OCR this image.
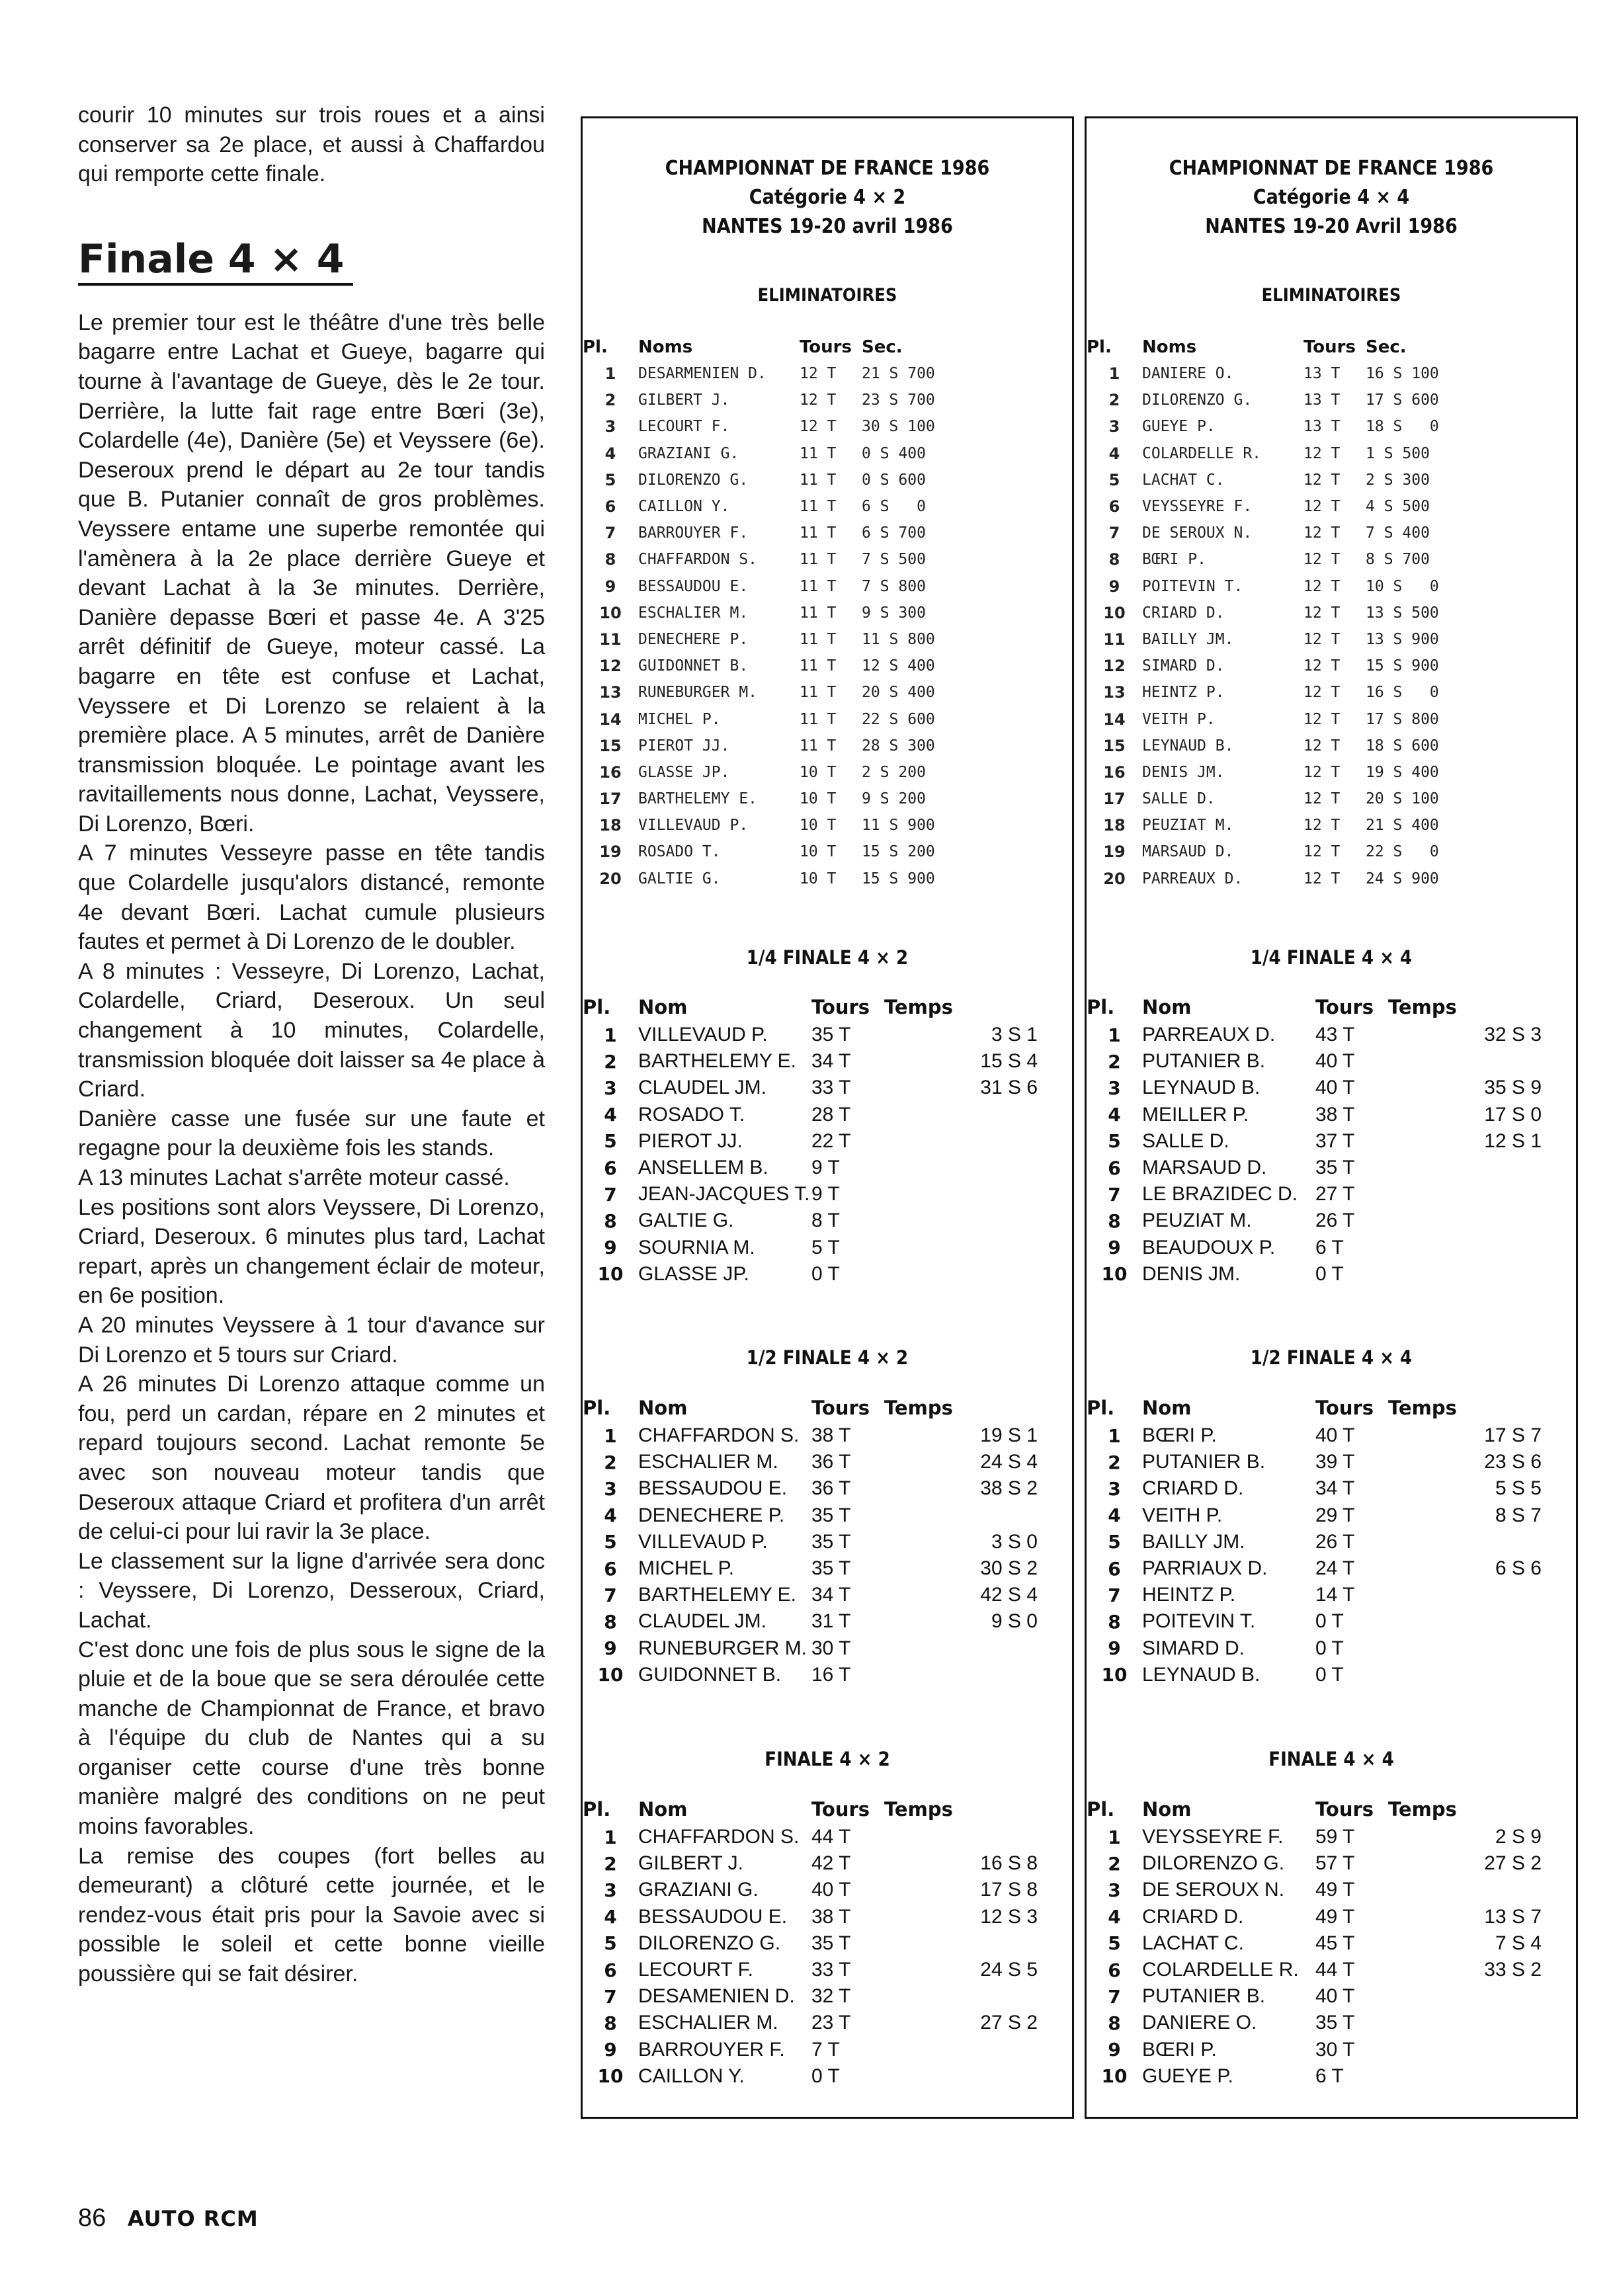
courir 10 minutes sur trois roues et a ainsi conserver sa 2e place, et aussi à Chaffardou qui remporte cette finale.

Finale 4 × 4

Le premier tour est le théâtre d'une très belle bagarre entre Lachat et Gueye, bagarre qui tourne à l'avantage de Gueye, dès le 2e tour. Derrière, la lutte fait rage entre Bœri (3e), Colardelle (4e), Danière (5e) et Veyssere (6e). Deseroux prend le départ au 2e tour tandis que B. Putanier connaît de gros problèmes. Veyssere entame une superbe remontée qui l'amènera à la 2e place derrière Gueye et devant Lachat à la 3e minutes. Derrière, Danière depasse Bœri et passe 4e. A 3'25 arrêt définitif de Gueye, moteur cassé. La bagarre en tête est confuse et Lachat, Veyssere et Di Lorenzo se relaient à la première place. A 5 minutes, arrêt de Danière transmission bloquée. Le pointage avant les ravitaillements nous donne, Lachat, Veyssere, Di Lorenzo, Bœri.

A 7 minutes Vesseyre passe en tête tandis que Colardelle jusqu'alors distancé, remonte 4e devant Bœri. Lachat cumule plusieurs fautes et permet à Di Lorenzo de le doubler.

A 8 minutes : Vesseyre, Di Lorenzo, Lachat, Colardelle, Criard, Deseroux. Un seul changement à 10 minutes, Colardelle, transmission bloquée doit laisser sa 4e place à Criard.

Danière casse une fusée sur une faute et regagne pour la deuxième fois les stands.

A 13 minutes Lachat s'arrête moteur cassé.

Les positions sont alors Veyssere, Di Lorenzo, Criard, Deseroux. 6 minutes plus tard, Lachat repart, après un changement éclair de moteur, en 6e position.

A 20 minutes Veyssere à 1 tour d'avance sur Di Lorenzo et 5 tours sur Criard.

A 26 minutes Di Lorenzo attaque comme un fou, perd un cardan, répare en 2 minutes et repard toujours second. Lachat remonte 5e avec son nouveau moteur tandis que Deseroux attaque Criard et profitera d'un arrêt de celui-ci pour lui ravir la 3e place.

Le classement sur la ligne d'arrivée sera donc : Veyssere, Di Lorenzo, Desseroux, Criard, Lachat.

C'est donc une fois de plus sous le signe de la pluie et de la boue que se sera déroulée cette manche de Championnat de France, et bravo à l'équipe du club de Nantes qui a su organiser cette course d'une très bonne manière malgré des conditions on ne peut moins favorables.

La remise des coupes (fort belles au demeurant) a clôturé cette journée, et le rendez-vous était pris pour la Savoie avec si possible le soleil et cette bonne vieille poussière qui se fait désirer.

86 AUTO RCM
CHAMPIONNAT DE FRANCE 1986
Catégorie 4 × 2
NANTES 19-20 avril 1986
ELIMINATOIRES
Pl.	Noms	Tours	Sec.
1	DESARMENIEN D.	12 T	21 S 700
2	GILBERT J.	12 T	23 S 700
3	LECOURT F.	12 T	30 S 100
4	GRAZIANI G.	11 T	0 S 400
5	DILORENZO G.	11 T	0 S 600
6	CAILLON Y.	11 T	6 S   0
7	BARROUYER F.	11 T	6 S 700
8	CHAFFARDON S.	11 T	7 S 500
9	BESSAUDOU E.	11 T	7 S 800
10	ESCHALIER M.	11 T	9 S 300
11	DENECHERE P.	11 T	11 S 800
12	GUIDONNET B.	11 T	12 S 400
13	RUNEBURGER M.	11 T	20 S 400
14	MICHEL P.	11 T	22 S 600
15	PIEROT JJ.	11 T	28 S 300
16	GLASSE JP.	10 T	2 S 200
17	BARTHELEMY E.	10 T	9 S 200
18	VILLEVAUD P.	10 T	11 S 900
19	ROSADO T.	10 T	15 S 200
20	GALTIE G.	10 T	15 S 900
1/4 FINALE 4 × 2
Pl.	Nom	Tours	Temps
1	VILLEVAUD P.	35 T	3 S 1
2	BARTHELEMY E.	34 T	15 S 4
3	CLAUDEL JM.	33 T	31 S 6
4	ROSADO T.	28 T	
5	PIEROT JJ.	22 T	
6	ANSELLEM B.	9 T	
7	JEAN-JACQUES T.	9 T	
8	GALTIE G.	8 T	
9	SOURNIA M.	5 T	
10	GLASSE JP.	0 T	
1/2 FINALE 4 × 2
Pl.	Nom	Tours	Temps
1	CHAFFARDON S.	38 T	19 S 1
2	ESCHALIER M.	36 T	24 S 4
3	BESSAUDOU E.	36 T	38 S 2
4	DENECHERE P.	35 T	
5	VILLEVAUD P.	35 T	3 S 0
6	MICHEL P.	35 T	30 S 2
7	BARTHELEMY E.	34 T	42 S 4
8	CLAUDEL JM.	31 T	9 S 0
9	RUNEBURGER M.	30 T	
10	GUIDONNET B.	16 T	
FINALE 4 × 2
Pl.	Nom	Tours	Temps
1	CHAFFARDON S.	44 T	
2	GILBERT J.	42 T	16 S 8
3	GRAZIANI G.	40 T	17 S 8
4	BESSAUDOU E.	38 T	12 S 3
5	DILORENZO G.	35 T	
6	LECOURT F.	33 T	24 S 5
7	DESAMENIEN D.	32 T	
8	ESCHALIER M.	23 T	27 S 2
9	BARROUYER F.	7 T	
10	CAILLON Y.	0 T	
CHAMPIONNAT DE FRANCE 1986
Catégorie 4 × 4
NANTES 19-20 Avril 1986
ELIMINATOIRES
Pl.	Noms	Tours	Sec.
1	DANIERE O.	13 T	16 S 100
2	DILORENZO G.	13 T	17 S 600
3	GUEYE P.	13 T	18 S   0
4	COLARDELLE R.	12 T	1 S 500
5	LACHAT C.	12 T	2 S 300
6	VEYSSEYRE F.	12 T	4 S 500
7	DE SEROUX N.	12 T	7 S 400
8	BŒRI P.	12 T	8 S 700
9	POITEVIN T.	12 T	10 S   0
10	CRIARD D.	12 T	13 S 500
11	BAILLY JM.	12 T	13 S 900
12	SIMARD D.	12 T	15 S 900
13	HEINTZ P.	12 T	16 S   0
14	VEITH P.	12 T	17 S 800
15	LEYNAUD B.	12 T	18 S 600
16	DENIS JM.	12 T	19 S 400
17	SALLE D.	12 T	20 S 100
18	PEUZIAT M.	12 T	21 S 400
19	MARSAUD D.	12 T	22 S   0
20	PARREAUX D.	12 T	24 S 900
1/4 FINALE 4 × 4
Pl.	Nom	Tours	Temps
1	PARREAUX D.	43 T	32 S 3
2	PUTANIER B.	40 T	
3	LEYNAUD B.	40 T	35 S 9
4	MEILLER P.	38 T	17 S 0
5	SALLE D.	37 T	12 S 1
6	MARSAUD D.	35 T	
7	LE BRAZIDEC D.	27 T	
8	PEUZIAT M.	26 T	
9	BEAUDOUX P.	6 T	
10	DENIS JM.	0 T	
1/2 FINALE 4 × 4
Pl.	Nom	Tours	Temps
1	BŒRI P.	40 T	17 S 7
2	PUTANIER B.	39 T	23 S 6
3	CRIARD D.	34 T	5 S 5
4	VEITH P.	29 T	8 S 7
5	BAILLY JM.	26 T	
6	PARRIAUX D.	24 T	6 S 6
7	HEINTZ P.	14 T	
8	POITEVIN T.	0 T	
9	SIMARD D.	0 T	
10	LEYNAUD B.	0 T	
FINALE 4 × 4
Pl.	Nom	Tours	Temps
1	VEYSSEYRE F.	59 T	2 S 9
2	DILORENZO G.	57 T	27 S 2
3	DE SEROUX N.	49 T	
4	CRIARD D.	49 T	13 S 7
5	LACHAT C.	45 T	7 S 4
6	COLARDELLE R.	44 T	33 S 2
7	PUTANIER B.	40 T	
8	DANIERE O.	35 T	
9	BŒRI P.	30 T	
10	GUEYE P.	6 T	
